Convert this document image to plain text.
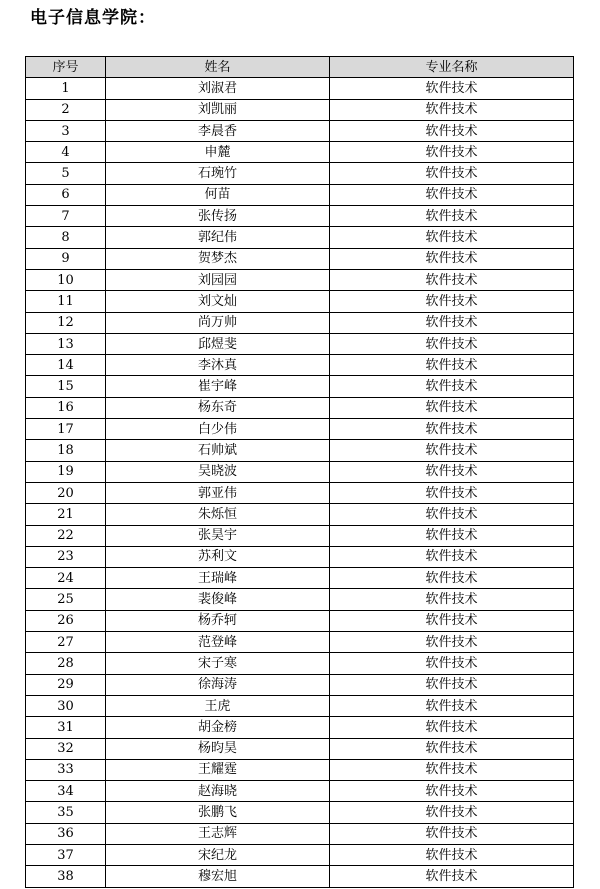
电子信息学院：
序号	姓名	专业名称
1	刘淑君	软件技术
2	刘凯丽	软件技术
3	李晨香	软件技术
4	申麓	软件技术
5	石琬竹	软件技术
6	何苗	软件技术
7	张传扬	软件技术
8	郭纪伟	软件技术
9	贺梦杰	软件技术
10	刘园园	软件技术
11	刘文灿	软件技术
12	尚万帅	软件技术
13	邱煜斐	软件技术
14	李沐真	软件技术
15	崔宇峰	软件技术
16	杨东奇	软件技术
17	白少伟	软件技术
18	石帅斌	软件技术
19	吴晓波	软件技术
20	郭亚伟	软件技术
21	朱烁恒	软件技术
22	张昊宇	软件技术
23	苏利文	软件技术
24	王瑞峰	软件技术
25	裴俊峰	软件技术
26	杨乔轲	软件技术
27	范登峰	软件技术
28	宋子寒	软件技术
29	徐海涛	软件技术
30	王虎	软件技术
31	胡金榜	软件技术
32	杨昀昊	软件技术
33	王耀霆	软件技术
34	赵海晓	软件技术
35	张鹏飞	软件技术
36	王志辉	软件技术
37	宋纪龙	软件技术
38	穆宏旭	软件技术
